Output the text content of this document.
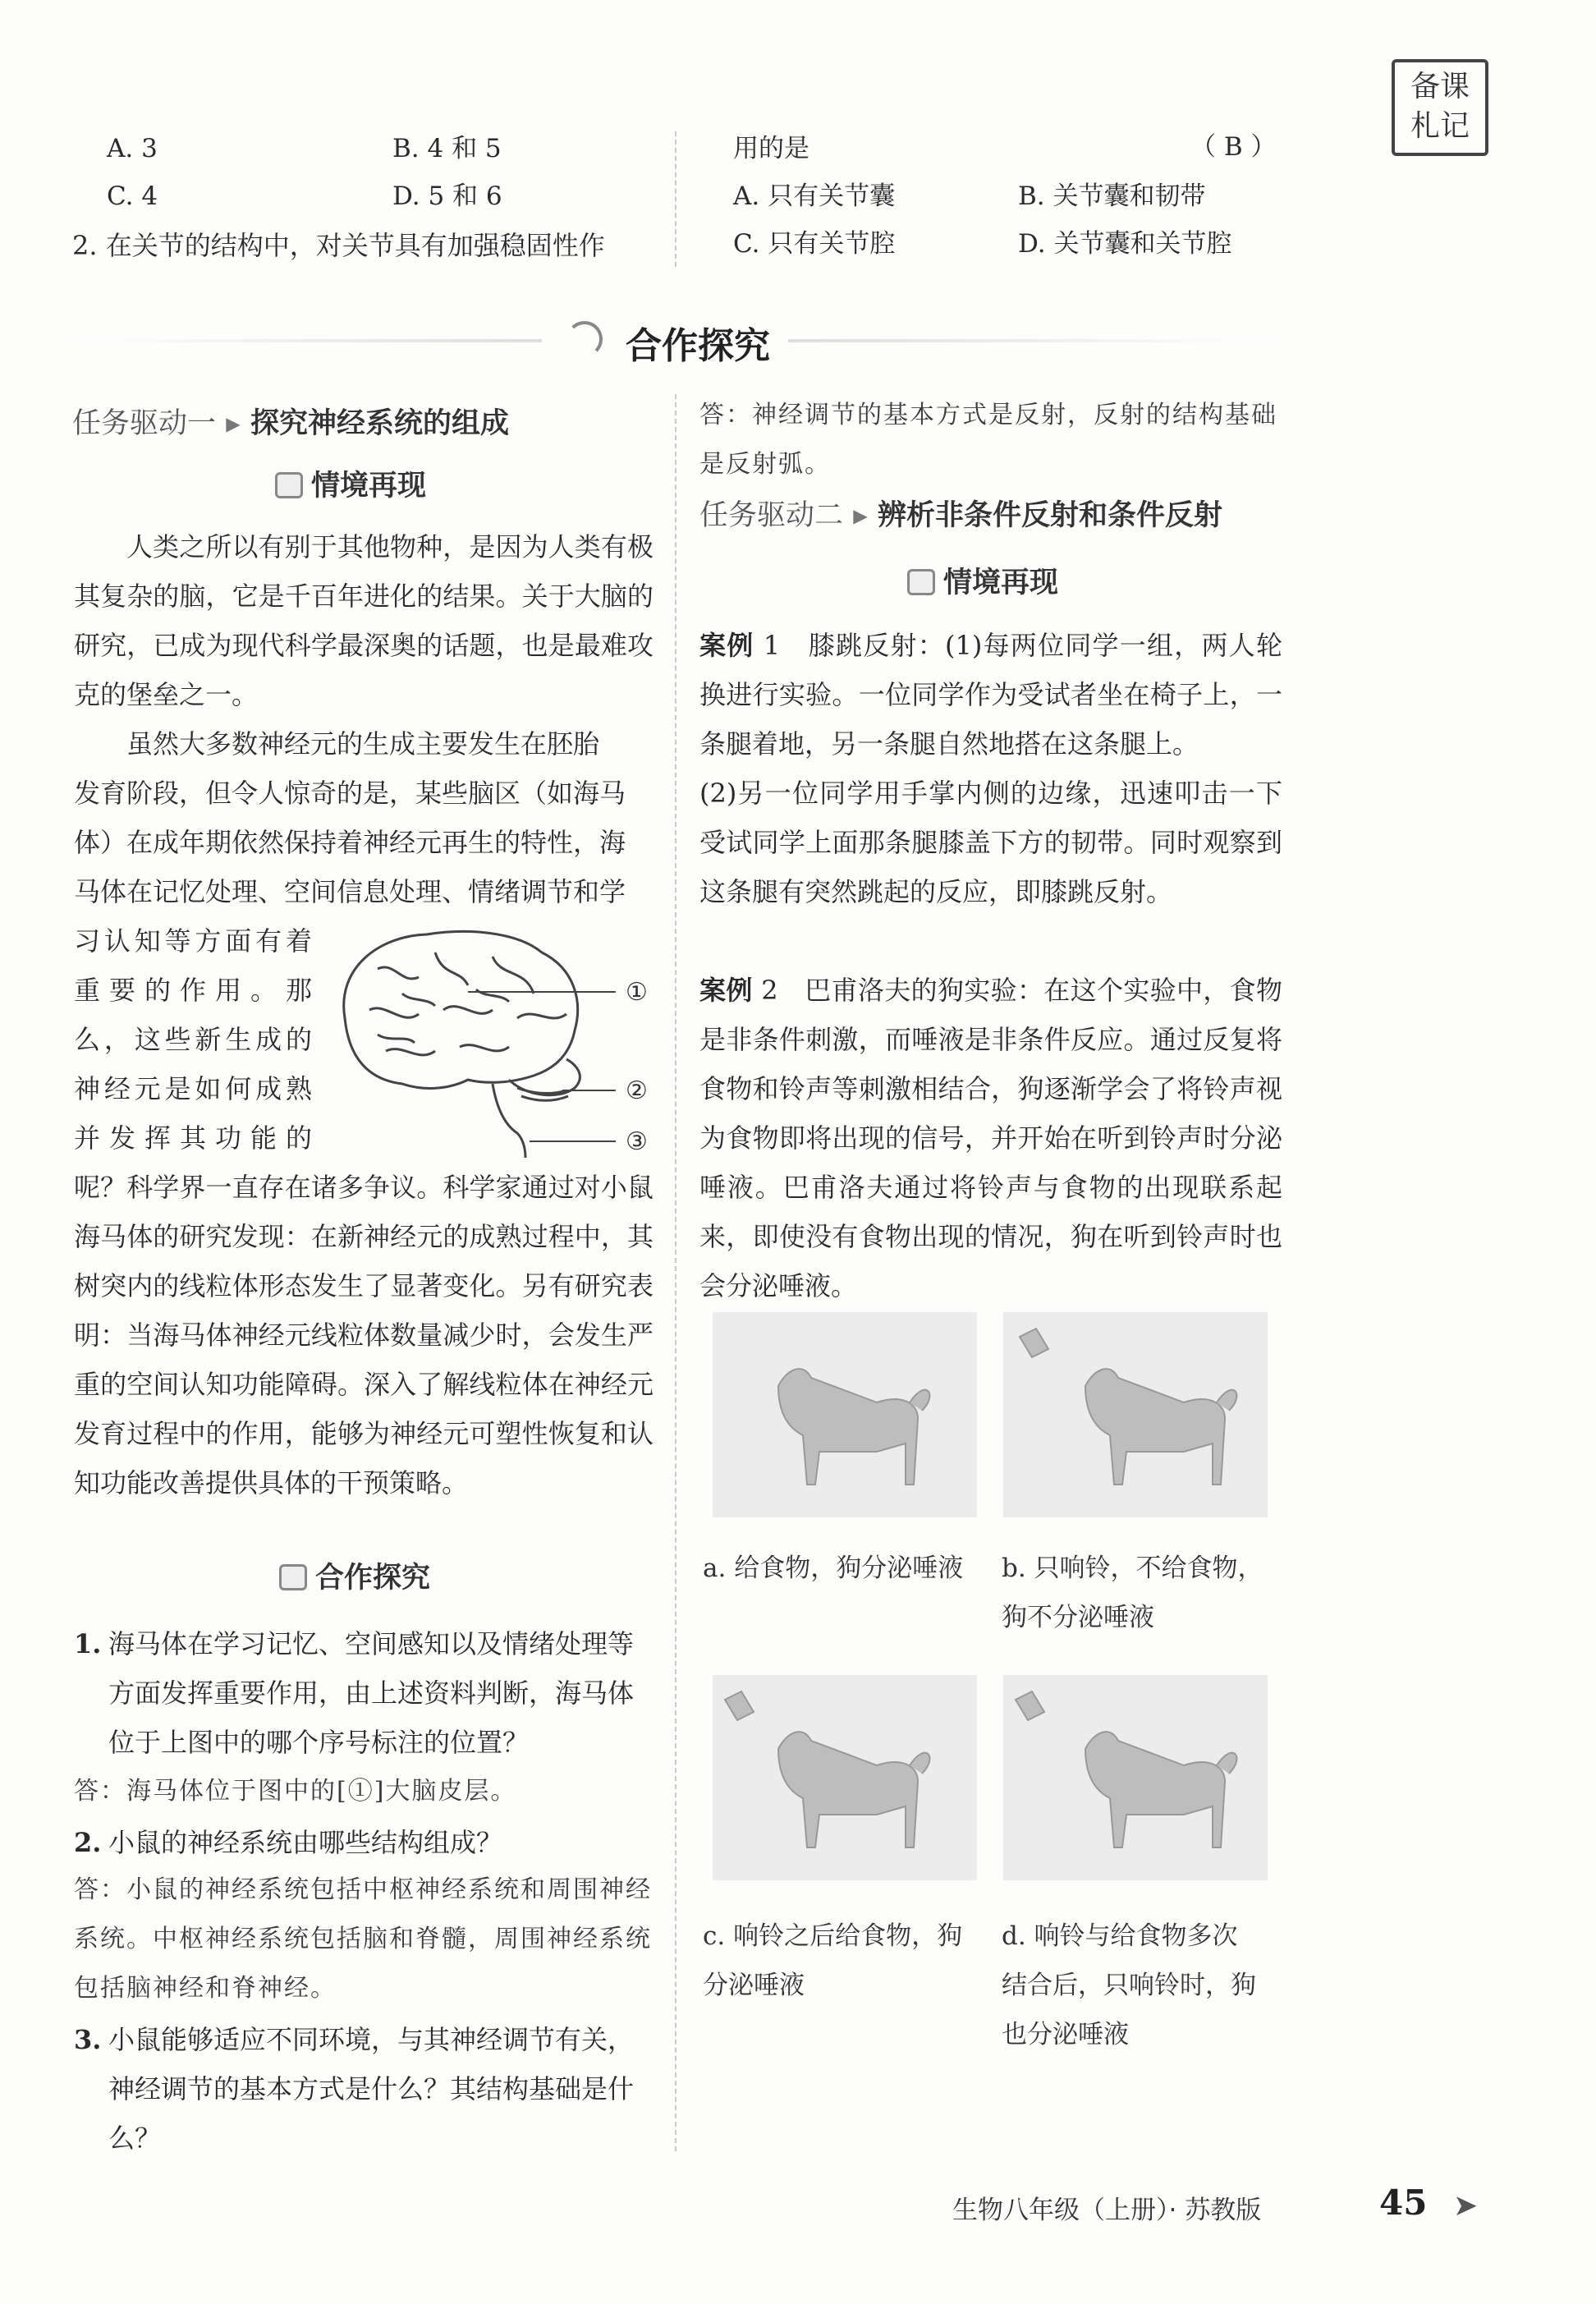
备课
札记
A. 3	B. 4 和 5
C. 4	D. 5 和 6
2. 在关节的结构中，对关节具有加强稳固性作
用的是	（ B ）
A. 只有关节囊	B. 关节囊和韧带
C. 只有关节腔	D. 关节囊和关节腔
合作探究
任务驱动一 ▸ 探究神经系统的组成
情境再现

人类之所以有别于其他物种，是因为人类有极其复杂的脑，它是千百年进化的结果。关于大脑的研究，已成为现代科学最深奥的话题，也是最难攻克的堡垒之一。

虽然大多数神经元的生成主要发生在胚胎
发育阶段，但令人惊奇的是，某些脑区（如海马
体）在成年期依然保持着神经元再生的特性，海
马体在记忆处理、空间信息处理、情绪调节和学
习认知等方面有着
重要的作用。那
么，这些新生成的
神经元是如何成熟
并发挥其功能的
①
②
③
呢？科学界一直存在诸多争议。科学家通过对小鼠海马体的研究发现：在新神经元的成熟过程中，其树突内的线粒体形态发生了显著变化。另有研究表明：当海马体神经元线粒体数量减少时，会发生严重的空间认知功能障碍。深入了解线粒体在神经元发育过程中的作用，能够为神经元可塑性恢复和认知功能改善提供具体的干预策略。
合作探究
1. 海马体在学习记忆、空间感知以及情绪处理等方面发挥重要作用，由上述资料判断，海马体位于上图中的哪个序号标注的位置？
答：海马体位于图中的[①]大脑皮层。
2. 小鼠的神经系统由哪些结构组成？
答：小鼠的神经系统包括中枢神经系统和周围神经系统。中枢神经系统包括脑和脊髓，周围神经系统包括脑神经和脊神经。
3. 小鼠能够适应不同环境，与其神经调节有关，神经调节的基本方式是什么？其结构基础是什么？
答：神经调节的基本方式是反射，反射的结构基础是反射弧。
任务驱动二 ▸ 辨析非条件反射和条件反射
情境再现
案例 1　 膝跳反射：(1)每两位同学一组，两人轮换进行实验。一位同学作为受试者坐在椅子上，一条腿着地，另一条腿自然地搭在这条腿上。
(2)另一位同学用手掌内侧的边缘，迅速叩击一下受试同学上面那条腿膝盖下方的韧带。同时观察到这条腿有突然跳起的反应，即膝跳反射。
案例 2　 巴甫洛夫的狗实验：在这个实验中，食物是非条件刺激，而唾液是非条件反应。通过反复将食物和铃声等刺激相结合，狗逐渐学会了将铃声视为食物即将出现的信号，并开始在听到铃声时分泌唾液。巴甫洛夫通过将铃声与食物的出现联系起来，即使没有食物出现的情况，狗在听到铃声时也会分泌唾液。
a. 给食物，狗分泌唾液 b. 只响铃，不给食物，
狗不分泌唾液
c. 响铃之后给食物，狗
分泌唾液
d. 响铃与给食物多次
结合后，只响铃时，狗
也分泌唾液
生物八年级（上册）· 苏教版	45 ➤
